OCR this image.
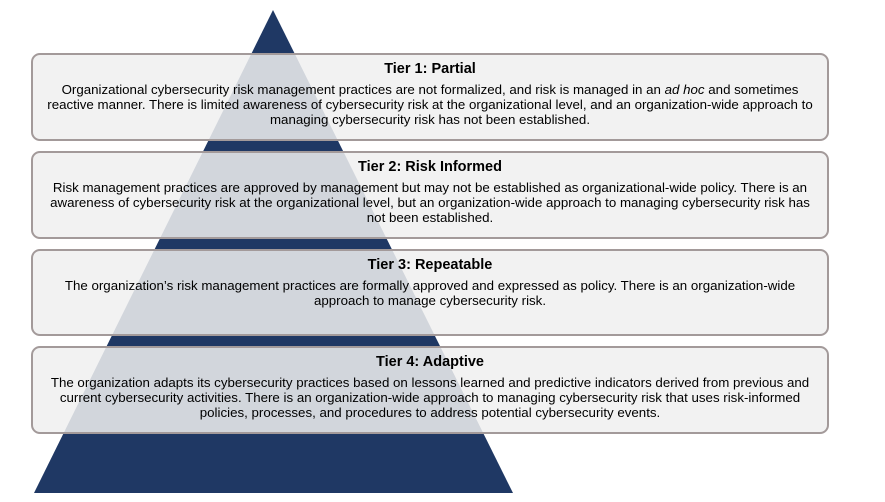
Tier 1: Partial
Organizational cybersecurity risk management practices are not formalized, and risk is managed in an ad hoc and sometimes reactive manner. There is limited awareness of cybersecurity risk at the organizational level, and an organization-wide approach to managing cybersecurity risk has not been established.
Tier 2: Risk Informed
Risk management practices are approved by management but may not be established as organizational-wide policy. There is an awareness of cybersecurity risk at the organizational level, but an organization-wide approach to managing cybersecurity risk has not been established.
Tier 3: Repeatable
The organization’s risk management practices are formally approved and expressed as policy. There is an organization-wide approach to manage cybersecurity risk.
Tier 4: Adaptive
The organization adapts its cybersecurity practices based on lessons learned and predictive indicators derived from previous and current cybersecurity activities. There is an organization-wide approach to managing cybersecurity risk that uses risk-informed policies, processes, and procedures to address potential cybersecurity events.
